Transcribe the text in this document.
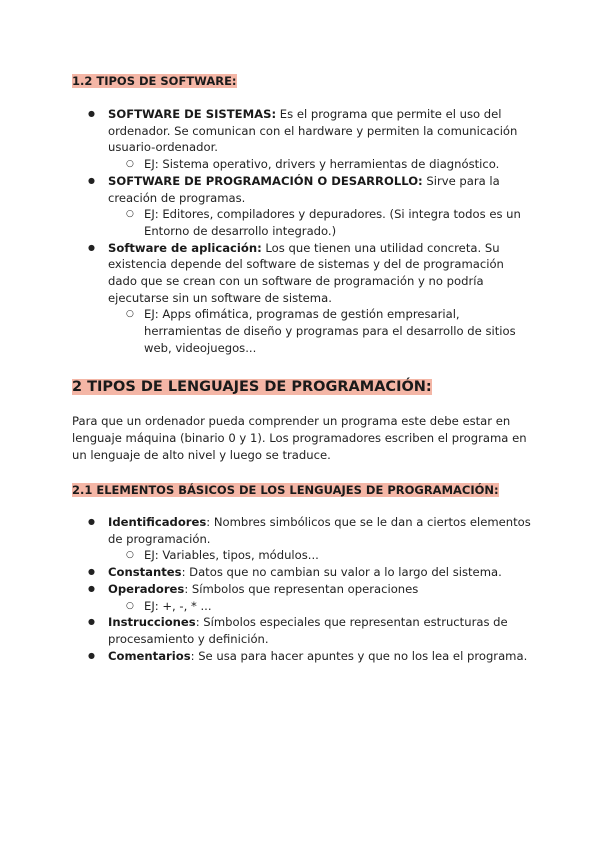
1.2 TIPOS DE SOFTWARE:
● SOFTWARE DE SISTEMAS: Es el programa que permite el uso del ordenador. Se comunican con el hardware y permiten la comunicación usuario-ordenador.
○ EJ: Sistema operativo, drivers y herramientas de diagnóstico.
● SOFTWARE DE PROGRAMACIÓN O DESARROLLO: Sirve para la creación de programas.
○ EJ: Editores, compiladores y depuradores. (Si integra todos es un Entorno de desarrollo integrado.)
● Software de aplicación: Los que tienen una utilidad concreta. Su existencia depende del software de sistemas y del de programación dado que se crean con un software de programación y no podría ejecutarse sin un software de sistema.
○ EJ: Apps ofimática, programas de gestión empresarial, herramientas de diseño y programas para el desarrollo de sitios web, videojuegos...
2 TIPOS DE LENGUAJES DE PROGRAMACIÓN:

Para que un ordenador pueda comprender un programa este debe estar en lenguaje máquina (binario 0 y 1). Los programadores escriben el programa en un lenguaje de alto nivel y luego se traduce.

2.1 ELEMENTOS BÁSICOS DE LOS LENGUAJES DE PROGRAMACIÓN:
● Identificadores: Nombres simbólicos que se le dan a ciertos elementos de programación.
○ EJ: Variables, tipos, módulos...
● Constantes: Datos que no cambian su valor a lo largo del sistema.
● Operadores: Símbolos que representan operaciones
○ EJ: +, -, * ...
● Instrucciones: Símbolos especiales que representan estructuras de procesamiento y definición.
● Comentarios: Se usa para hacer apuntes y que no los lea el programa.
